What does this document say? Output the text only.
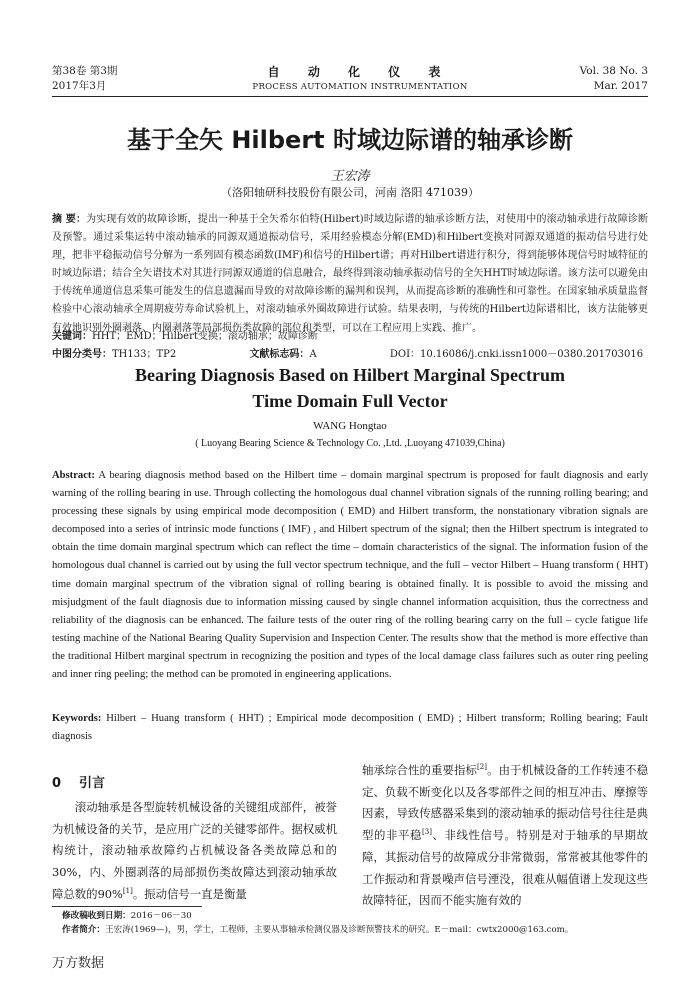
第38卷 第3期
2017年3月
自 动 化 仪 表
PROCESS AUTOMATION INSTRUMENTATION
Vol. 38 No. 3
Mar. 2017
基于全矢 Hilbert 时域边际谱的轴承诊断
王宏涛
（洛阳轴研科技股份有限公司，河南 洛阳 471039）
摘 要：为实现有效的故障诊断，提出一种基于全矢希尔伯特(Hilbert)时域边际谱的轴承诊断方法，对使用中的滚动轴承进行故障诊断及预警。通过采集运转中滚动轴承的同源双通道振动信号，采用经验模态分解(EMD)和Hilbert变换对同源双通道的振动信号进行处理，把非平稳振动信号分解为一系列固有模态函数(IMF)和信号的Hilbert谱；再对Hilbert谱进行积分，得到能够体现信号时域特征的时域边际谱；结合全矢谱技术对其进行同源双通道的信息融合，最终得到滚动轴承振动信号的全矢HHT时域边际谱。该方法可以避免由于传统单通道信息采集可能发生的信息遗漏而导致的对故障诊断的漏判和误判，从而提高诊断的准确性和可靠性。在国家轴承质量监督检验中心滚动轴承全周期疲劳寿命试验机上，对滚动轴承外圈故障进行试验。结果表明，与传统的Hilbert边际谱相比，该方法能够更有效地识别外圈剥落、内圈剥落等局部损伤类故障的部位和类型，可以在工程应用上实践、推广。
关键词：HHT；EMD；Hilbert变换；滚动轴承；故障诊断
中图分类号：TH133；TP2	文献标志码：A	DOI：10.16086/j.cnki.issn1000－0380.201703016
Bearing Diagnosis Based on Hilbert Marginal Spectrum
Time Domain Full Vector
WANG Hongtao
( Luoyang Bearing Science & Technology Co. ,Ltd. ,Luoyang 471039,China)
Abstract: A bearing diagnosis method based on the Hilbert time – domain marginal spectrum is proposed for fault diagnosis and early warning of the rolling bearing in use. Through collecting the homologous dual channel vibration signals of the running rolling bearing; and processing these signals by using empirical mode decomposition ( EMD) and Hilbert transform, the nonstationary vibration signals are decomposed into a series of intrinsic mode functions ( IMF) , and Hilbert spectrum of the signal; then the Hilbert spectrum is integrated to obtain the time domain marginal spectrum which can reflect the time – domain characteristics of the signal. The information fusion of the homologous dual channel is carried out by using the full vector spectrum technique, and the full – vector Hilbert – Huang transform ( HHT) time domain marginal spectrum of the vibration signal of rolling bearing is obtained finally. It is possible to avoid the missing and misjudgment of the fault diagnosis due to information missing caused by single channel information acquisition, thus the correctness and reliability of the diagnosis can be enhanced. The failure tests of the outer ring of the rolling bearing carry on the full – cycle fatigue life testing machine of the National Bearing Quality Supervision and Inspection Center. The results show that the method is more effective than the traditional Hilbert marginal spectrum in recognizing the position and types of the local damage class failures such as outer ring peeling and inner ring peeling; the method can be promoted in engineering applications.
Keywords: Hilbert – Huang transform ( HHT) ; Empirical mode decomposition ( EMD) ; Hilbert transform; Rolling bearing; Fault diagnosis
0 引言
滚动轴承是各型旋转机械设备的关键组成部件，被誉为机械设备的关节，是应用广泛的关键零部件。据权威机构统计，滚动轴承故障约占机械设备各类故障总和的30%，内、外圈剥落的局部损伤类故障达到滚动轴承故障总数的90%[1]。振动信号一直是衡量
轴承综合性的重要指标[2]。由于机械设备的工作转速不稳定、负载不断变化以及各零部件之间的相互冲击、摩擦等因素，导致传感器采集到的滚动轴承的振动信号往往是典型的非平稳[3]、非线性信号。特别是对于轴承的早期故障，其振动信号的故障成分非常微弱，常常被其他零件的工作振动和背景噪声信号湮没，很难从幅值谱上发现这些故障特征，因而不能实施有效的
修改稿收到日期：2016－06－30
作者简介：王宏涛(1969—)，男，学士，工程师，主要从事轴承检测仪器及诊断预警技术的研究。E－mail：cwtx2000@163.com。
万方数据
